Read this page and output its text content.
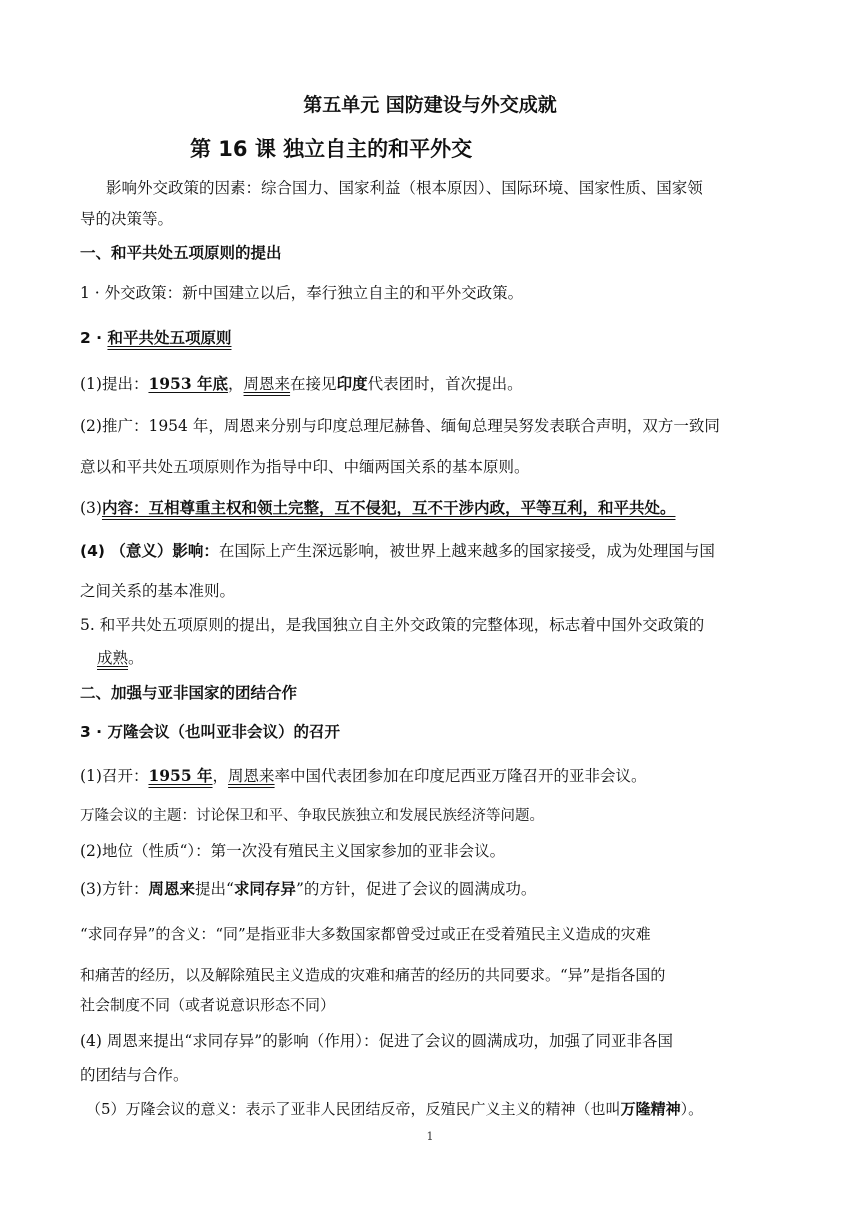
第五单元 国防建设与外交成就
第 16 课 独立自主的和平外交
影响外交政策的因素：综合国力、国家利益（根本原因）、国际环境、国家性质、国家领
导的决策等。
一、和平共处五项原则的提出
1 · 外交政策：新中国建立以后，奉行独立自主的和平外交政策。
2 · 和平共处五项原则
(1)提出：1953 年底，周恩来在接见印度代表团时，首次提出。
(2)推广：1954 年，周恩来分别与印度总理尼赫鲁、缅甸总理吴努发表联合声明，双方一致同
意以和平共处五项原则作为指导中印、中缅两国关系的基本原则。
(3)内容：互相尊重主权和领土完整，互不侵犯，互不干涉内政，平等互利，和平共处。
(4) （意义）影响：在国际上产生深远影响，被世界上越来越多的国家接受，成为处理国与国
之间关系的基本准则。
5. 和平共处五项原则的提出，是我国独立自主外交政策的完整体现，标志着中国外交政策的
成熟。
二、加强与亚非国家的团结合作
3 · 万隆会议（也叫亚非会议）的召开
(1)召开：1955 年，周恩来率中国代表团参加在印度尼西亚万隆召开的亚非会议。
万隆会议的主题：讨论保卫和平、争取民族独立和发展民族经济等问题。
(2)地位（性质“）：第一次没有殖民主义国家参加的亚非会议。
(3)方针：周恩来提出“求同存异”的方针，促进了会议的圆满成功。
“求同存异”的含义：“同”是指亚非大多数国家都曾受过或正在受着殖民主义造成的灾难
和痛苦的经历，以及解除殖民主义造成的灾难和痛苦的经历的共同要求。“异”是指各国的
社会制度不同（或者说意识形态不同）
(4) 周恩来提出“求同存异”的影响（作用）：促进了会议的圆满成功，加强了同亚非各国
的团结与合作。
（5）万隆会议的意义：表示了亚非人民团结反帝，反殖民广义主义的精神（也叫万隆精神）。
1
